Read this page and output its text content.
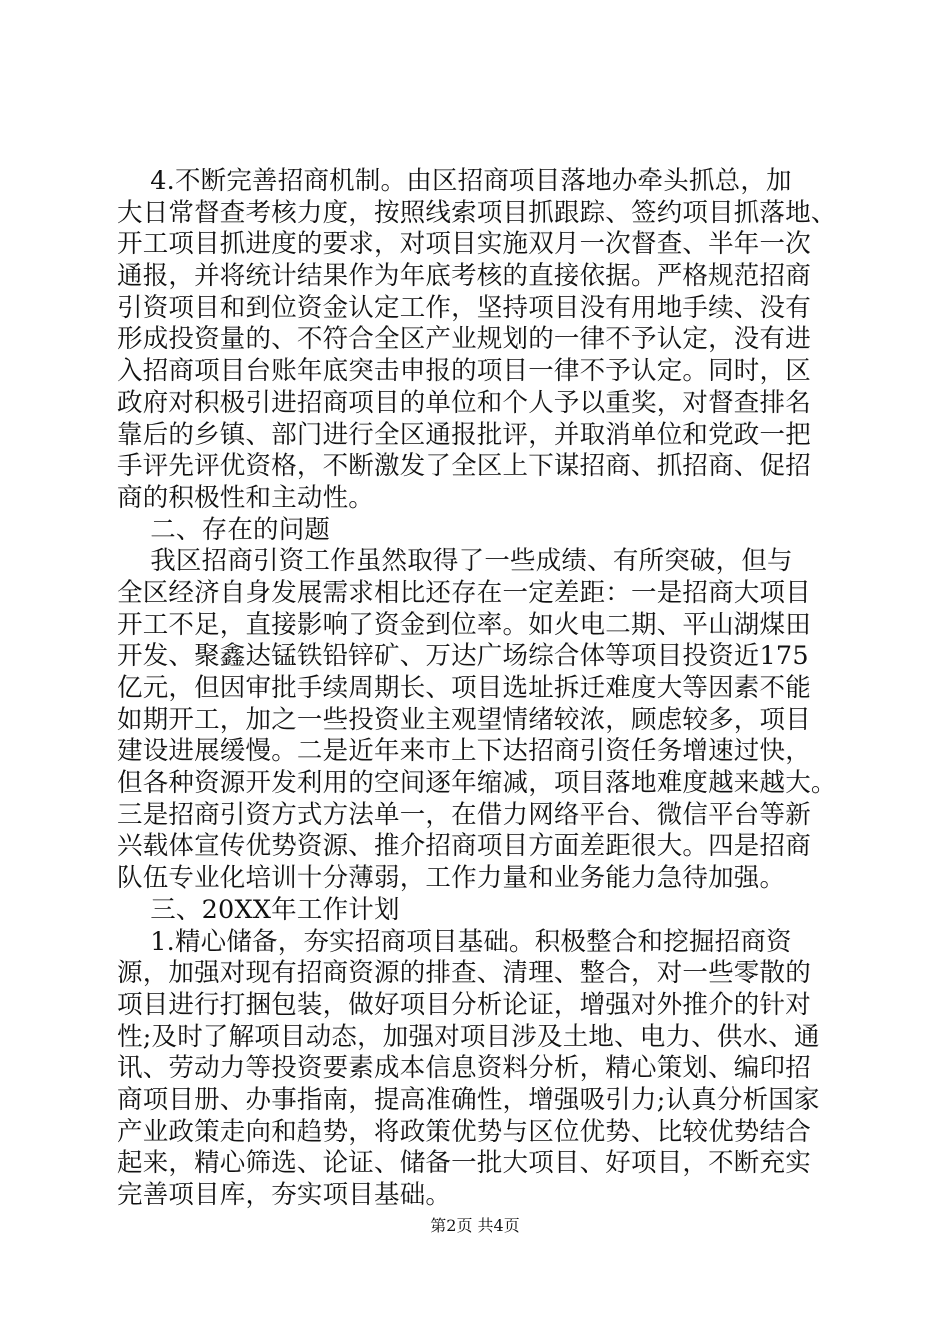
4.不断完善招商机制。由区招商项目落地办牵头抓总，加
大日常督查考核力度，按照线索项目抓跟踪、签约项目抓落地、
开工项目抓进度的要求，对项目实施双月一次督查、半年一次
通报，并将统计结果作为年底考核的直接依据。严格规范招商
引资项目和到位资金认定工作，坚持项目没有用地手续、没有
形成投资量的、不符合全区产业规划的一律不予认定，没有进
入招商项目台账年底突击申报的项目一律不予认定。同时，区
政府对积极引进招商项目的单位和个人予以重奖，对督查排名
靠后的乡镇、部门进行全区通报批评，并取消单位和党政一把
手评先评优资格，不断激发了全区上下谋招商、抓招商、促招
商的积极性和主动性。
二、存在的问题
我区招商引资工作虽然取得了一些成绩、有所突破，但与
全区经济自身发展需求相比还存在一定差距：一是招商大项目
开工不足，直接影响了资金到位率。如火电二期、平山湖煤田
开发、聚鑫达锰铁铅锌矿、万达广场综合体等项目投资近175
亿元，但因审批手续周期长、项目选址拆迁难度大等因素不能
如期开工，加之一些投资业主观望情绪较浓，顾虑较多，项目
建设进展缓慢。二是近年来市上下达招商引资任务增速过快，
但各种资源开发利用的空间逐年缩减，项目落地难度越来越大。
三是招商引资方式方法单一，在借力网络平台、微信平台等新
兴载体宣传优势资源、推介招商项目方面差距很大。四是招商
队伍专业化培训十分薄弱，工作力量和业务能力急待加强。
三、20XX年工作计划
1.精心储备，夯实招商项目基础。积极整合和挖掘招商资
源，加强对现有招商资源的排查、清理、整合，对一些零散的
项目进行打捆包装，做好项目分析论证，增强对外推介的针对
性;及时了解项目动态，加强对项目涉及土地、电力、供水、通
讯、劳动力等投资要素成本信息资料分析，精心策划、编印招
商项目册、办事指南，提高准确性，增强吸引力;认真分析国家
产业政策走向和趋势，将政策优势与区位优势、比较优势结合
起来，精心筛选、论证、储备一批大项目、好项目，不断充实
完善项目库，夯实项目基础。
第2页 共4页
